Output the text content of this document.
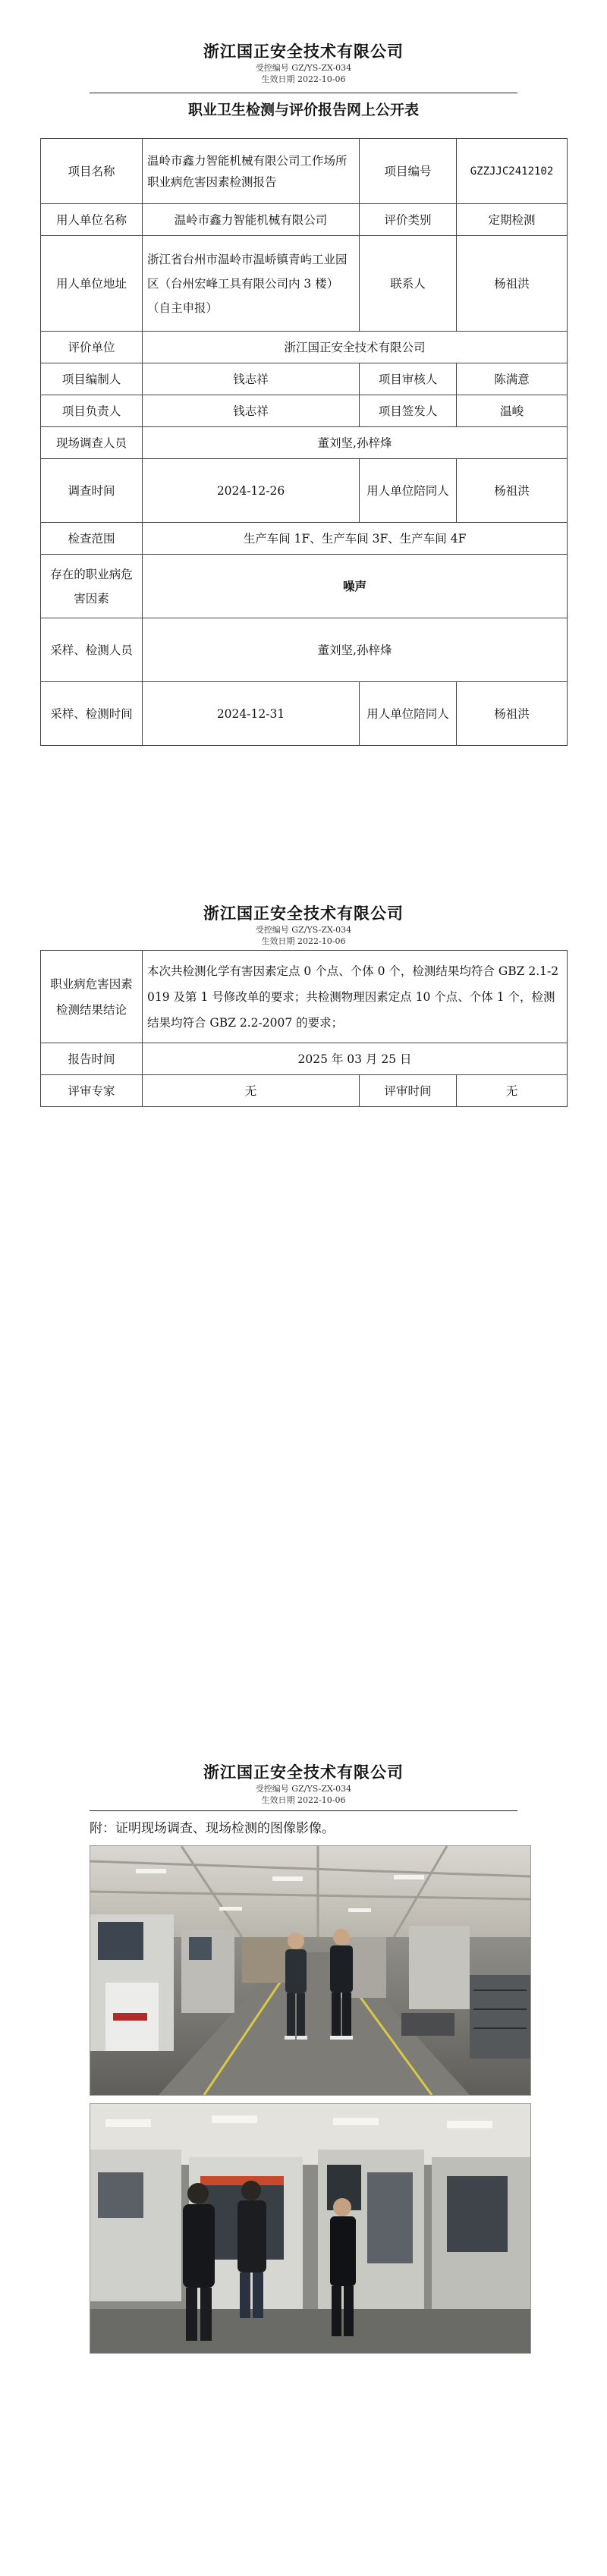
浙江国正安全技术有限公司
受控编号 GZ/YS-ZX-034
生效日期 2022-10-06
职业卫生检测与评价报告网上公开表
项目名称	温岭市鑫力智能机械有限公司工作场所职业病危害因素检测报告	项目编号	GZZJJC2412102
用人单位名称	温岭市鑫力智能机械有限公司	评价类别	定期检测
用人单位地址	浙江省台州市温岭市温峤镇青屿工业园区（台州宏峰工具有限公司内 3 楼）（自主申报）	联系人	杨祖洪
评价单位	浙江国正安全技术有限公司		
项目编制人	钱志祥	项目审核人	陈满意
项目负责人	钱志祥	项目签发人	温峻
现场调查人员	董刘坚,孙梓烽		
调查时间	2024-12-26	用人单位陪同人	杨祖洪
检查范围	生产车间 1F、生产车间 3F、生产车间 4F		
存在的职业病危害因素	噪声		
采样、检测人员	董刘坚,孙梓烽		
采样、检测时间	2024-12-31	用人单位陪同人	杨祖洪
浙江国正安全技术有限公司
受控编号 GZ/YS-ZX-034
生效日期 2022-10-06
职业病危害因素检测结果结论	本次共检测化学有害因素定点 0 个点、个体 0 个，检测结果均符合 GBZ 2.1-2019 及第 1 号修改单的要求；共检测物理因素定点 10 个点、个体 1 个，检测结果均符合 GBZ 2.2-2007 的要求；		
报告时间	2025 年 03 月 25 日		
评审专家	无	评审时间	无
浙江国正安全技术有限公司
受控编号 GZ/YS-ZX-034
生效日期 2022-10-06
附：证明现场调查、现场检测的图像影像。
